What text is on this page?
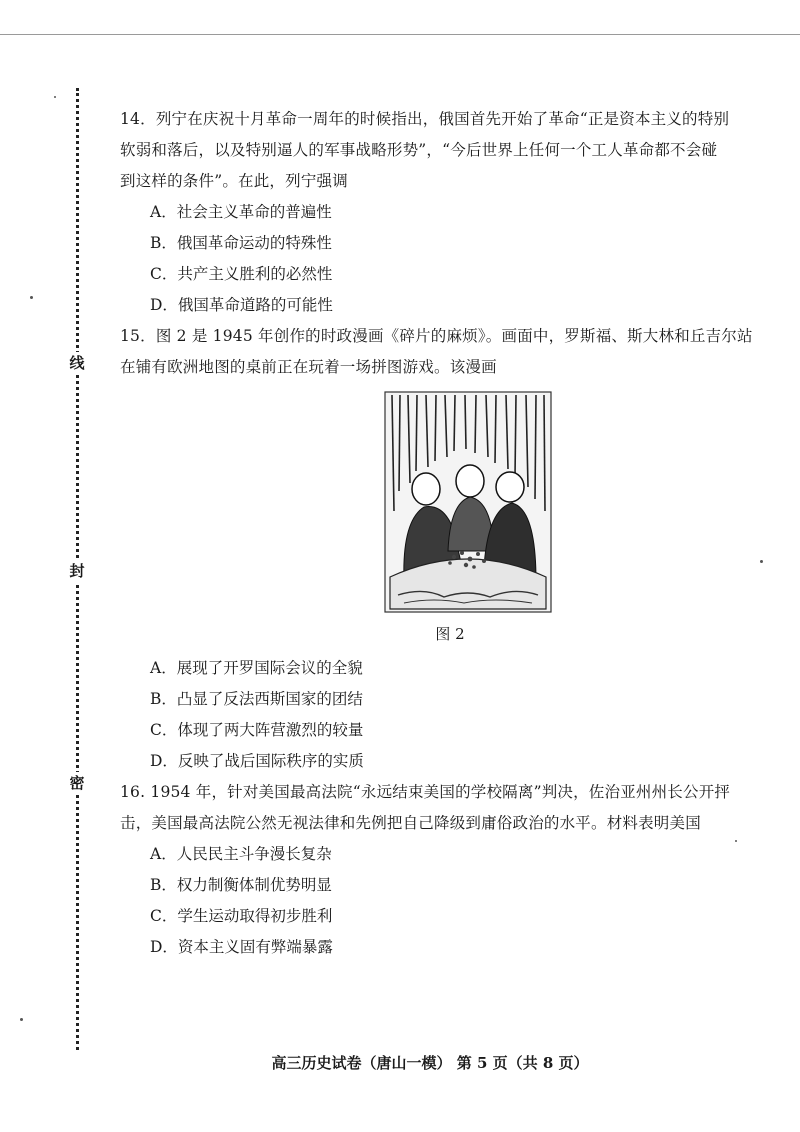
线
封
密
14．列宁在庆祝十月革命一周年的时候指出，俄国首先开始了革命“正是资本主义的特别
软弱和落后，以及特别逼人的军事战略形势”，“今后世界上任何一个工人革命都不会碰
到这样的条件”。在此，列宁强调
A．社会主义革命的普遍性
B．俄国革命运动的特殊性
C．共产主义胜利的必然性
D．俄国革命道路的可能性
15．图 2 是 1945 年创作的时政漫画《碎片的麻烦》。画面中，罗斯福、斯大林和丘吉尔站
在铺有欧洲地图的桌前正在玩着一场拼图游戏。该漫画
图 2
A．展现了开罗国际会议的全貌
B．凸显了反法西斯国家的团结
C．体现了两大阵营激烈的较量
D．反映了战后国际秩序的实质
16. 1954 年，针对美国最高法院“永远结束美国的学校隔离”判决，佐治亚州州长公开抨
击，美国最高法院公然无视法律和先例把自己降级到庸俗政治的水平。材料表明美国
A．人民民主斗争漫长复杂
B．权力制衡体制优势明显
C．学生运动取得初步胜利
D．资本主义固有弊端暴露
高三历史试卷（唐山一模） 第 5 页（共 8 页）
